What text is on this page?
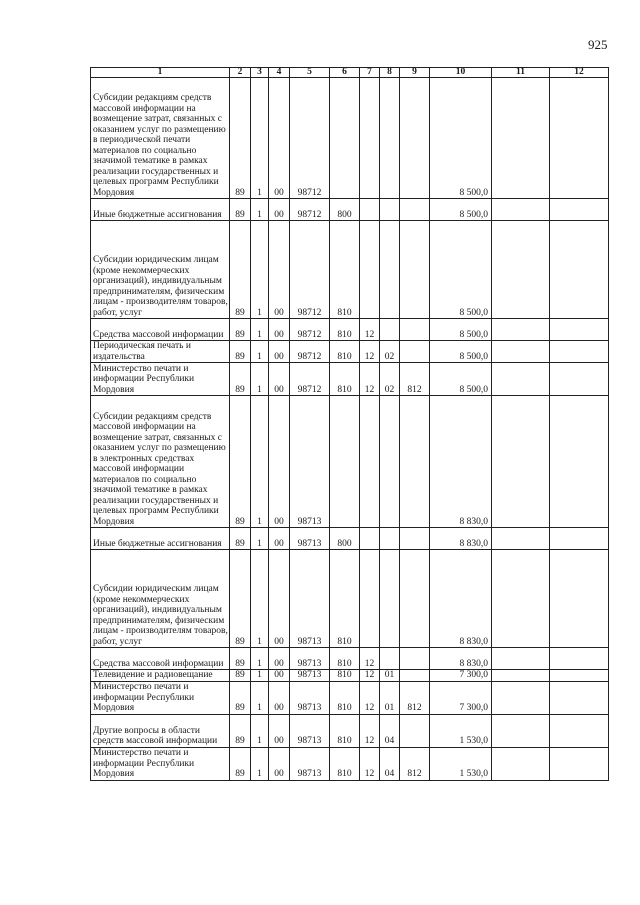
925
1	2	3	4	5	6	7	8	9	10	11	12
Субсидии редакциям средств массовой информации на возмещение затрат, связанных с оказанием услуг по размещению в периодической печати материалов по социально значимой тематике в рамках реализации государственных и целевых программ Республики Мордовия	89	1	00	98712					8 500,0		
Иные бюджетные ассигнования	89	1	00	98712	800				8 500,0		
Субсидии юридическим лицам (кроме некоммерческих организаций), индивидуальным предпринимателям, физическим лицам - производителям товаров, работ, услуг	89	1	00	98712	810				8 500,0		
Средства массовой информации	89	1	00	98712	810	12			8 500,0		
Периодическая печать и издательства	89	1	00	98712	810	12	02		8 500,0		
Министерство печати и информации Республики Мордовия	89	1	00	98712	810	12	02	812	8 500,0		
Субсидии редакциям средств массовой информации на возмещение затрат, связанных с оказанием услуг по размещению в электронных средствах массовой информации материалов по социально значимой тематике в рамках реализации государственных и целевых программ Республики Мордовия	89	1	00	98713					8 830,0		
Иные бюджетные ассигнования	89	1	00	98713	800				8 830,0		
Субсидии юридическим лицам (кроме некоммерческих организаций), индивидуальным предпринимателям, физическим лицам - производителям товаров, работ, услуг	89	1	00	98713	810				8 830,0		
Средства массовой информации	89	1	00	98713	810	12			8 830,0		
Телевидение и радиовещание	89	1	00	98713	810	12	01		7 300,0		
Министерство печати и информации Республики Мордовия	89	1	00	98713	810	12	01	812	7 300,0		
Другие вопросы в области средств массовой информации	89	1	00	98713	810	12	04		1 530,0		
Министерство печати и информации Республики Мордовия	89	1	00	98713	810	12	04	812	1 530,0		
